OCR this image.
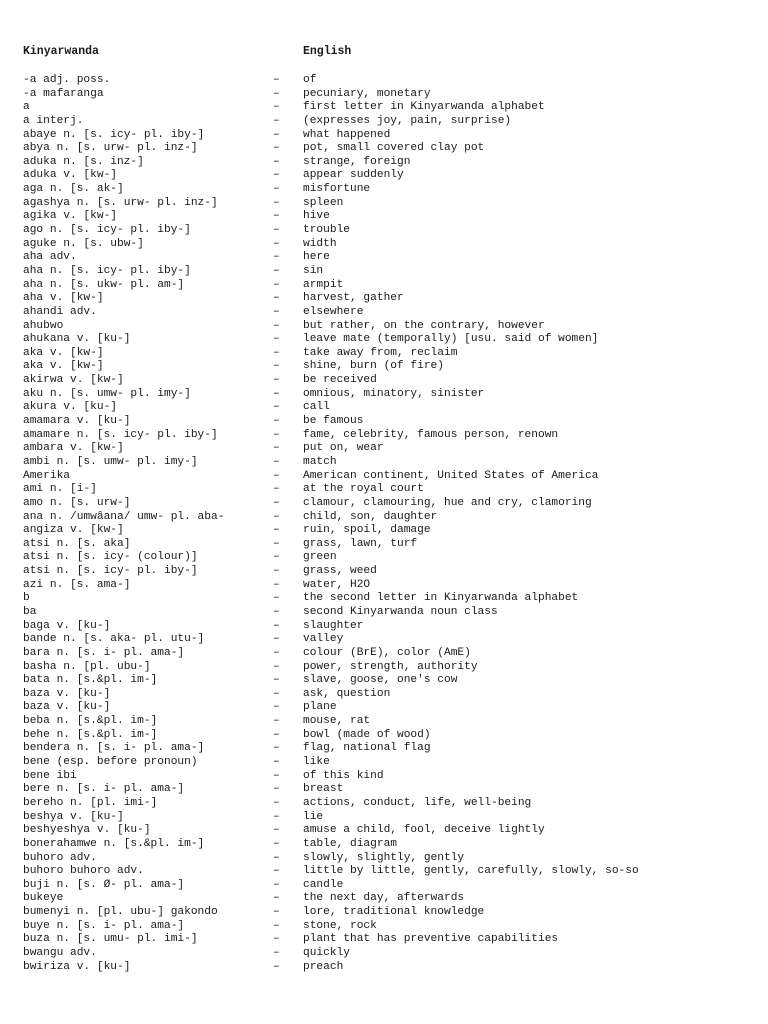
Kinyarwanda	English
-a adj. poss.	– of
-a mafaranga	– pecuniary, monetary
a	– first letter in Kinyarwanda alphabet
a interj.	– (expresses joy, pain, surprise)
abaye n. [s. icy- pl. iby-]	– what happened
abya n. [s. urw- pl. inz-]	– pot, small covered clay pot
aduka n. [s. inz-]	– strange, foreign
aduka v. [kw-]	– appear suddenly
aga n. [s. ak-]	– misfortune
agashya n. [s. urw- pl. inz-]	– spleen
agika v. [kw-]	– hive
ago n. [s. icy- pl. iby-]	– trouble
aguke n. [s. ubw-]	– width
aha adv.	– here
aha n. [s. icy- pl. iby-]	– sin
aha n. [s. ukw- pl. am-]	– armpit
aha v. [kw-]	– harvest, gather
ahandi adv.	– elsewhere
ahubwo	– but rather, on the contrary, however
ahukana v. [ku-]	– leave mate (temporally) [usu. said of women]
aka v. [kw-]	– take away from, reclaim
aka v. [kw-]	– shine, burn (of fire)
akirwa v. [kw-]	– be received
aku n. [s. umw- pl. imy-]	– omnious, minatory, sinister
akura v. [ku-]	– call
amamara v. [ku-]	– be famous
amamare n. [s. icy- pl. iby-]	– fame, celebrity, famous person, renown
ambara v. [kw-]	– put on, wear
ambi n. [s. umw- pl. imy-]	– match
Amerika	– American continent, United States of America
ami n. [i-]	– at the royal court
amo n. [s. urw-]	– clamour, clamouring, hue and cry, clamoring
ana n. /umwâana/ umw- pl. aba-	– child, son, daughter
angiza v. [kw-]	– ruin, spoil, damage
atsi n. [s. aka]	– grass, lawn, turf
atsi n. [s. icy- (colour)]	– green
atsi n. [s. icy- pl. iby-]	– grass, weed
azi n. [s. ama-]	– water, H2O
b	– the second letter in Kinyarwanda alphabet
ba	– second Kinyarwanda noun class
baga v. [ku-]	– slaughter
bande n. [s. aka- pl. utu-]	– valley
bara n. [s. i- pl. ama-]	– colour (BrE), color (AmE)
basha n. [pl. ubu-]	– power, strength, authority
bata n. [s.&pl. im-]	– slave, goose, one's cow
baza v. [ku-]	– ask, question
baza v. [ku-]	– plane
beba n. [s.&pl. im-]	– mouse, rat
behe n. [s.&pl. im-]	– bowl (made of wood)
bendera n. [s. i- pl. ama-]	– flag, national flag
bene (esp. before pronoun)	– like
bene ibi	– of this kind
bere n. [s. i- pl. ama-]	– breast
bereho n. [pl. imi-]	– actions, conduct, life, well-being
beshya v. [ku-]	– lie
beshyeshya v. [ku-]	– amuse a child, fool, deceive lightly
bonerahamwe n. [s.&pl. im-]	– table, diagram
buhoro adv.	– slowly, slightly, gently
buhoro buhoro adv.	– little by little, gently, carefully, slowly, so-so
buji n. [s. Ø- pl. ama-]	– candle
bukeye	– the next day, afterwards
bumenyi n. [pl. ubu-] gakondo	– lore, traditional knowledge
buye n. [s. i- pl. ama-]	– stone, rock
buza n. [s. umu- pl. imi-]	– plant that has preventive capabilities
bwangu adv.	– quickly
bwiriza v. [ku-]	– preach
